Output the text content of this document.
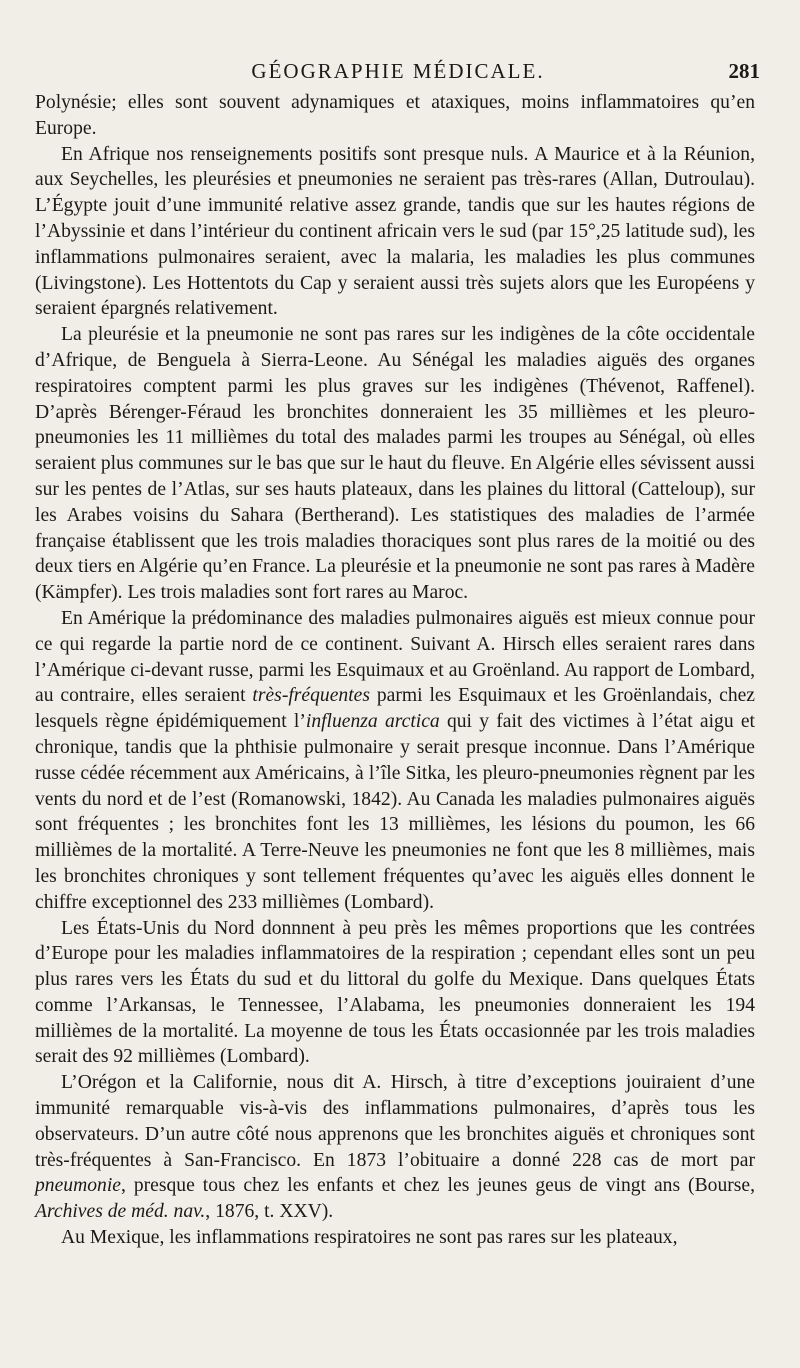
GÉOGRAPHIE MÉDICALE.	281

Polynésie; elles sont souvent adynamiques et ataxiques, moins inflammatoires qu’en Europe.

En Afrique nos renseignements positifs sont presque nuls. A Maurice et à la Réunion, aux Seychelles, les pleurésies et pneumonies ne seraient pas très-rares (Allan, Dutroulau). L’Égypte jouit d’une immunité relative assez grande, tandis que sur les hautes régions de l’Abyssinie et dans l’intérieur du continent africain vers le sud (par 15°,25 latitude sud), les inflammations pulmonaires seraient, avec la malaria, les maladies les plus communes (Livingstone). Les Hottentots du Cap y seraient aussi très sujets alors que les Européens y seraient épargnés relativement.

La pleurésie et la pneumonie ne sont pas rares sur les indigènes de la côte occidentale d’Afrique, de Benguela à Sierra-Leone. Au Sénégal les maladies aiguës des organes respiratoires comptent parmi les plus graves sur les indigènes (Thévenot, Raffenel). D’après Bérenger-Féraud les bronchites donneraient les 35 millièmes et les pleuro-pneumonies les 11 millièmes du total des malades parmi les troupes au Sénégal, où elles seraient plus communes sur le bas que sur le haut du fleuve. En Algérie elles sévissent aussi sur les pentes de l’Atlas, sur ses hauts plateaux, dans les plaines du littoral (Catteloup), sur les Arabes voisins du Sahara (Bertherand). Les statistiques des maladies de l’armée française établissent que les trois maladies thoraciques sont plus rares de la moitié ou des deux tiers en Algérie qu’en France. La pleurésie et la pneumonie ne sont pas rares à Madère (Kämpfer). Les trois maladies sont fort rares au Maroc.

En Amérique la prédominance des maladies pulmonaires aiguës est mieux connue pour ce qui regarde la partie nord de ce continent. Suivant A. Hirsch elles seraient rares dans l’Amérique ci-devant russe, parmi les Esquimaux et au Groënland. Au rapport de Lombard, au contraire, elles seraient très-fréquentes parmi les Esquimaux et les Groënlandais, chez lesquels règne épidémiquement l’influenza arctica qui y fait des victimes à l’état aigu et chronique, tandis que la phthisie pulmonaire y serait presque inconnue. Dans l’Amérique russe cédée récemment aux Américains, à l’île Sitka, les pleuro-pneumonies règnent par les vents du nord et de l’est (Romanowski, 1842). Au Canada les maladies pulmonaires aiguës sont fréquentes ; les bronchites font les 13 millièmes, les lésions du poumon, les 66 millièmes de la mortalité. A Terre-Neuve les pneumonies ne font que les 8 millièmes, mais les bronchites chroniques y sont tellement fréquentes qu’avec les aiguës elles donnent le chiffre exceptionnel des 233 millièmes (Lombard).

Les États-Unis du Nord donnnent à peu près les mêmes proportions que les contrées d’Europe pour les maladies inflammatoires de la respiration ; cependant elles sont un peu plus rares vers les États du sud et du littoral du golfe du Mexique. Dans quelques États comme l’Arkansas, le Tennessee, l’Alabama, les pneumonies donneraient les 194 millièmes de la mortalité. La moyenne de tous les États occasionnée par les trois maladies serait des 92 millièmes (Lombard).

L’Orégon et la Californie, nous dit A. Hirsch, à titre d’exceptions jouiraient d’une immunité remarquable vis-à-vis des inflammations pulmonaires, d’après tous les observateurs. D’un autre côté nous apprenons que les bronchites aiguës et chroniques sont très-fréquentes à San-Francisco. En 1873 l’obituaire a donné 228 cas de mort par pneumonie, presque tous chez les enfants et chez les jeunes geus de vingt ans (Bourse, Archives de méd. nav., 1876, t. XXV).

Au Mexique, les inflammations respiratoires ne sont pas rares sur les plateaux,
